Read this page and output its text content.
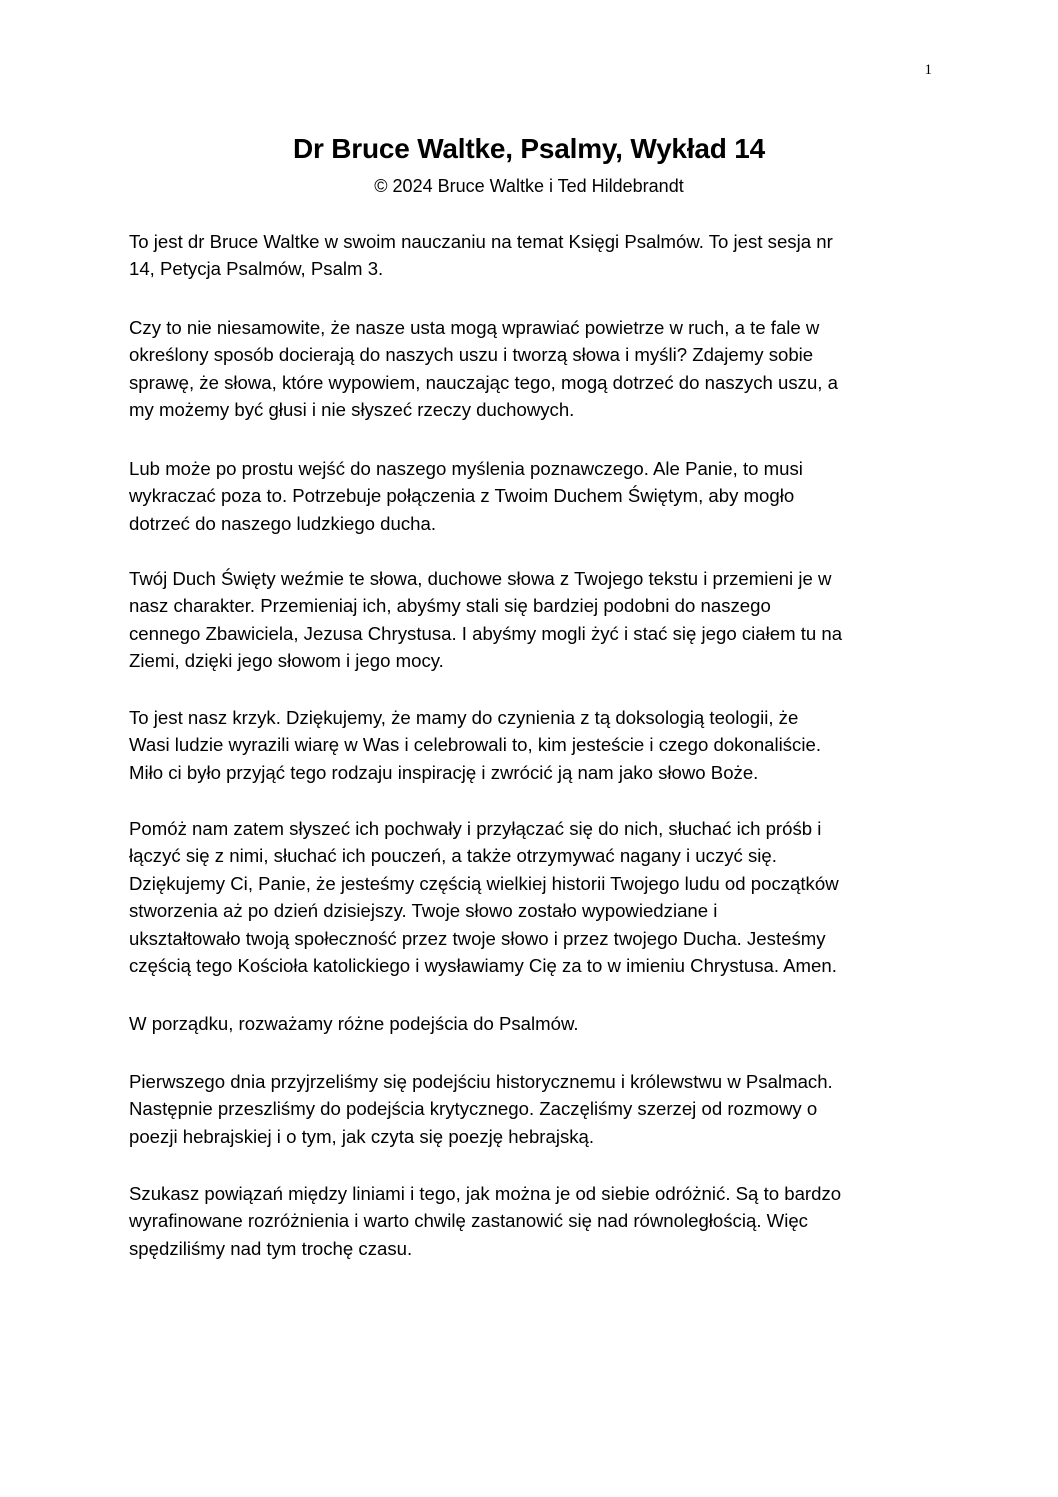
1
Dr Bruce Waltke, Psalmy, Wykład 14
© 2024 Bruce Waltke i Ted Hildebrandt

To jest dr Bruce Waltke w swoim nauczaniu na temat Księgi Psalmów. To jest sesja nr
14, Petycja Psalmów, Psalm 3.

Czy to nie niesamowite, że nasze usta mogą wprawiać powietrze w ruch, a te fale w
określony sposób docierają do naszych uszu i tworzą słowa i myśli? Zdajemy sobie
sprawę, że słowa, które wypowiem, nauczając tego, mogą dotrzeć do naszych uszu, a
my możemy być głusi i nie słyszeć rzeczy duchowych.

Lub może po prostu wejść do naszego myślenia poznawczego. Ale Panie, to musi
wykraczać poza to. Potrzebuje połączenia z Twoim Duchem Świętym, aby mogło
dotrzeć do naszego ludzkiego ducha.

Twój Duch Święty weźmie te słowa, duchowe słowa z Twojego tekstu i przemieni je w
nasz charakter. Przemieniaj ich, abyśmy stali się bardziej podobni do naszego
cennego Zbawiciela, Jezusa Chrystusa. I abyśmy mogli żyć i stać się jego ciałem tu na
Ziemi, dzięki jego słowom i jego mocy.

To jest nasz krzyk. Dziękujemy, że mamy do czynienia z tą doksologią teologii, że
Wasi ludzie wyrazili wiarę w Was i celebrowali to, kim jesteście i czego dokonaliście.
Miło ci było przyjąć tego rodzaju inspirację i zwrócić ją nam jako słowo Boże.

Pomóż nam zatem słyszeć ich pochwały i przyłączać się do nich, słuchać ich próśb i
łączyć się z nimi, słuchać ich pouczeń, a także otrzymywać nagany i uczyć się.
Dziękujemy Ci, Panie, że jesteśmy częścią wielkiej historii Twojego ludu od początków
stworzenia aż po dzień dzisiejszy. Twoje słowo zostało wypowiedziane i
ukształtowało twoją społeczność przez twoje słowo i przez twojego Ducha. Jesteśmy
częścią tego Kościoła katolickiego i wysławiamy Cię za to w imieniu Chrystusa. Amen.

W porządku, rozważamy różne podejścia do Psalmów.

Pierwszego dnia przyjrzeliśmy się podejściu historycznemu i królewstwu w Psalmach.
Następnie przeszliśmy do podejścia krytycznego. Zaczęliśmy szerzej od rozmowy o
poezji hebrajskiej i o tym, jak czyta się poezję hebrajską.

Szukasz powiązań między liniami i tego, jak można je od siebie odróżnić. Są to bardzo
wyrafinowane rozróżnienia i warto chwilę zastanowić się nad równoległością. Więc
spędziliśmy nad tym trochę czasu.
